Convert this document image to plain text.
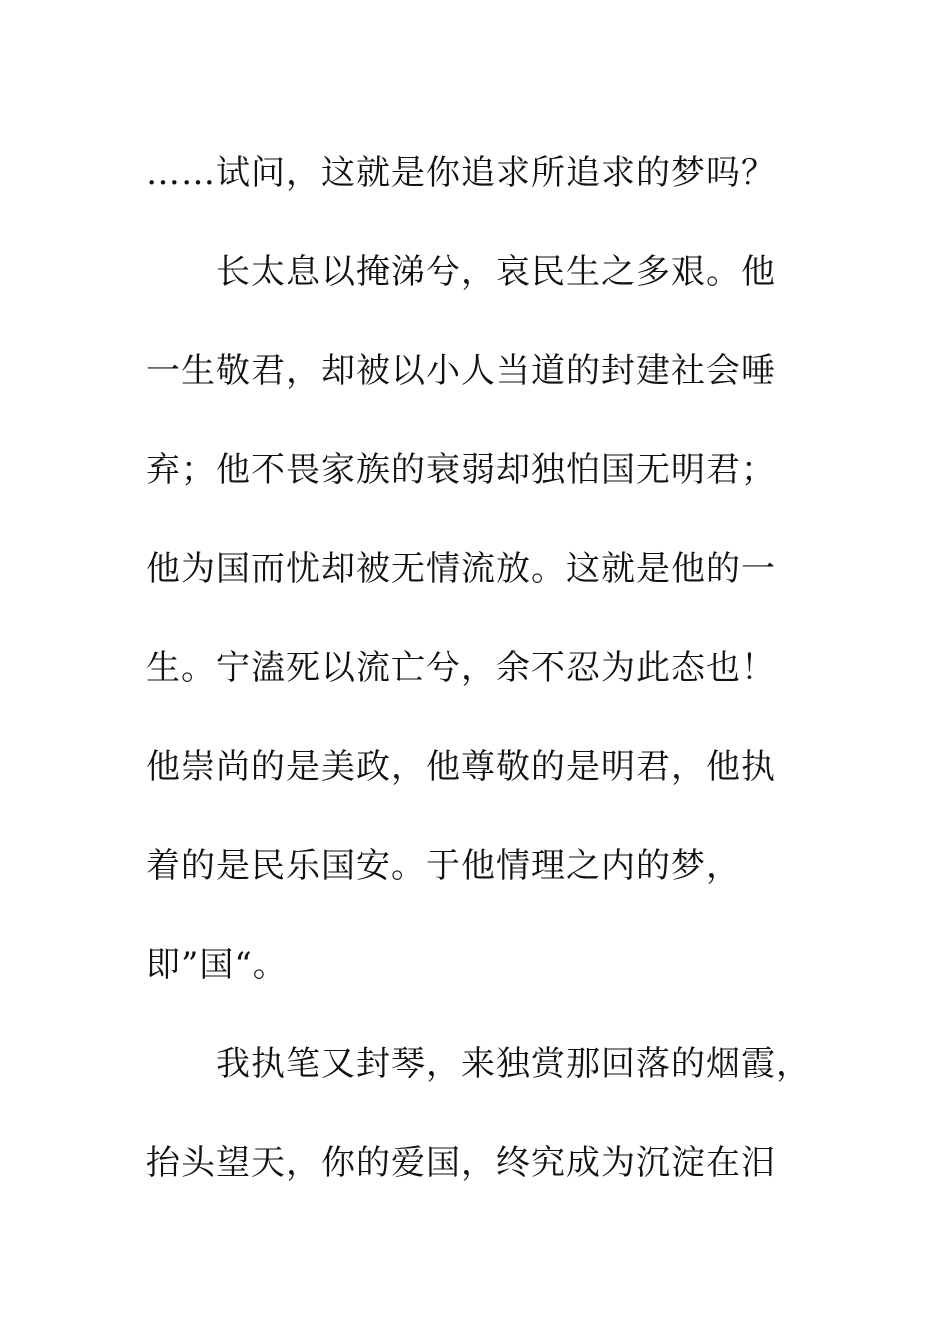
……试问，这就是你追求所追求的梦吗？
长太息以掩涕兮，哀民生之多艰。他
一生敬君，却被以小人当道的封建社会唾
弃；他不畏家族的衰弱却独怕国无明君；
他为国而忧却被无情流放。这就是他的一
生。宁溘死以流亡兮，余不忍为此态也！
他崇尚的是美政，他尊敬的是明君，他执
着的是民乐国安。于他情理之内的梦，
即”国“。
我执笔又封琴，来独赏那回落的烟霞，
抬头望天，你的爱国，终究成为沉淀在汨
